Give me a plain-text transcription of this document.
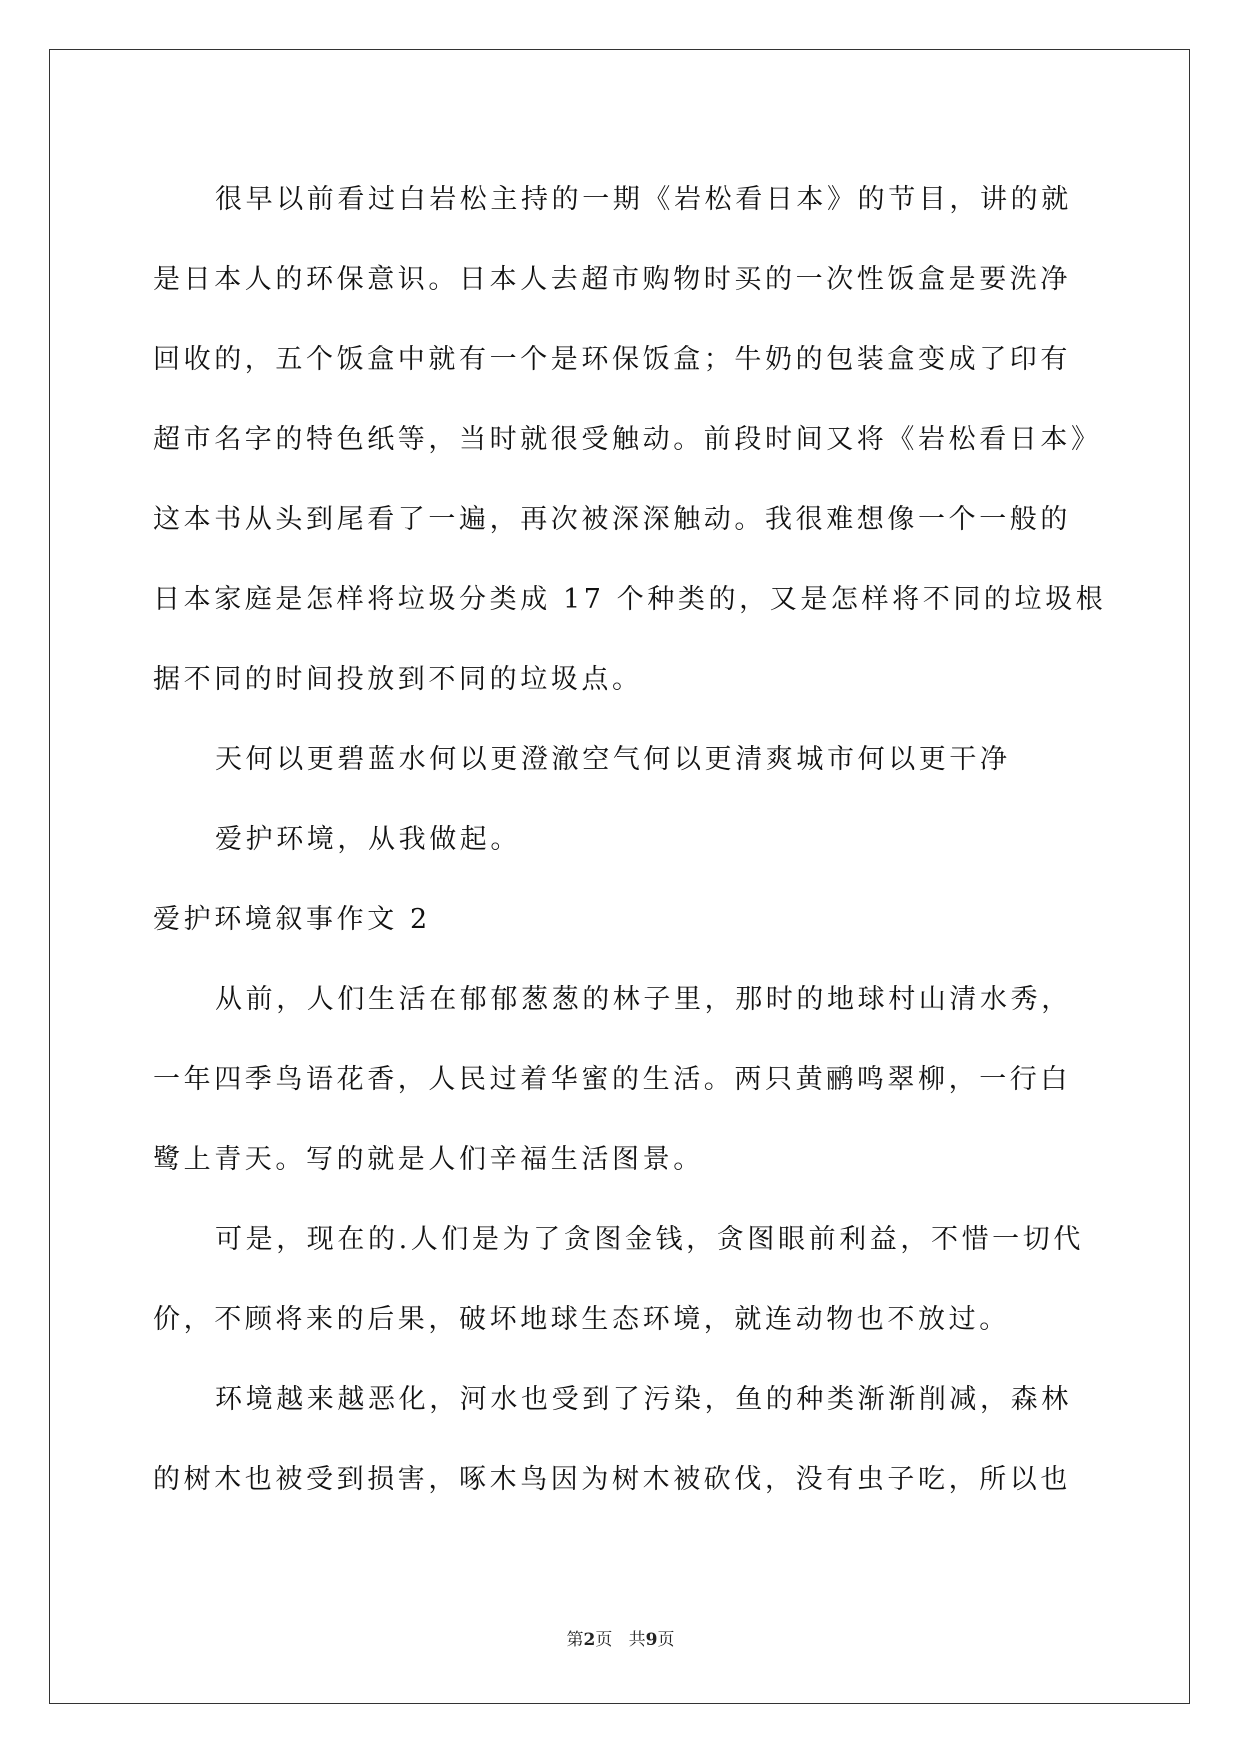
很早以前看过白岩松主持的一期《岩松看日本》的节目，讲的就
是日本人的环保意识。日本人去超市购物时买的一次性饭盒是要洗净
回收的，五个饭盒中就有一个是环保饭盒；牛奶的包装盒变成了印有
超市名字的特色纸等，当时就很受触动。前段时间又将《岩松看日本》
这本书从头到尾看了一遍，再次被深深触动。我很难想像一个一般的
日本家庭是怎样将垃圾分类成 17 个种类的，又是怎样将不同的垃圾根
据不同的时间投放到不同的垃圾点。
天何以更碧蓝水何以更澄澈空气何以更清爽城市何以更干净
爱护环境，从我做起。
爱护环境叙事作文 2
从前，人们生活在郁郁葱葱的林子里，那时的地球村山清水秀，
一年四季鸟语花香，人民过着华蜜的生活。两只黄鹂鸣翠柳，一行白
鹭上青天。写的就是人们辛福生活图景。
可是，现在的.人们是为了贪图金钱，贪图眼前利益，不惜一切代
价，不顾将来的后果，破坏地球生态环境，就连动物也不放过。
环境越来越恶化，河水也受到了污染，鱼的种类渐渐削减，森林
的树木也被受到损害，啄木鸟因为树木被砍伐，没有虫子吃，所以也
第2页 共9页
